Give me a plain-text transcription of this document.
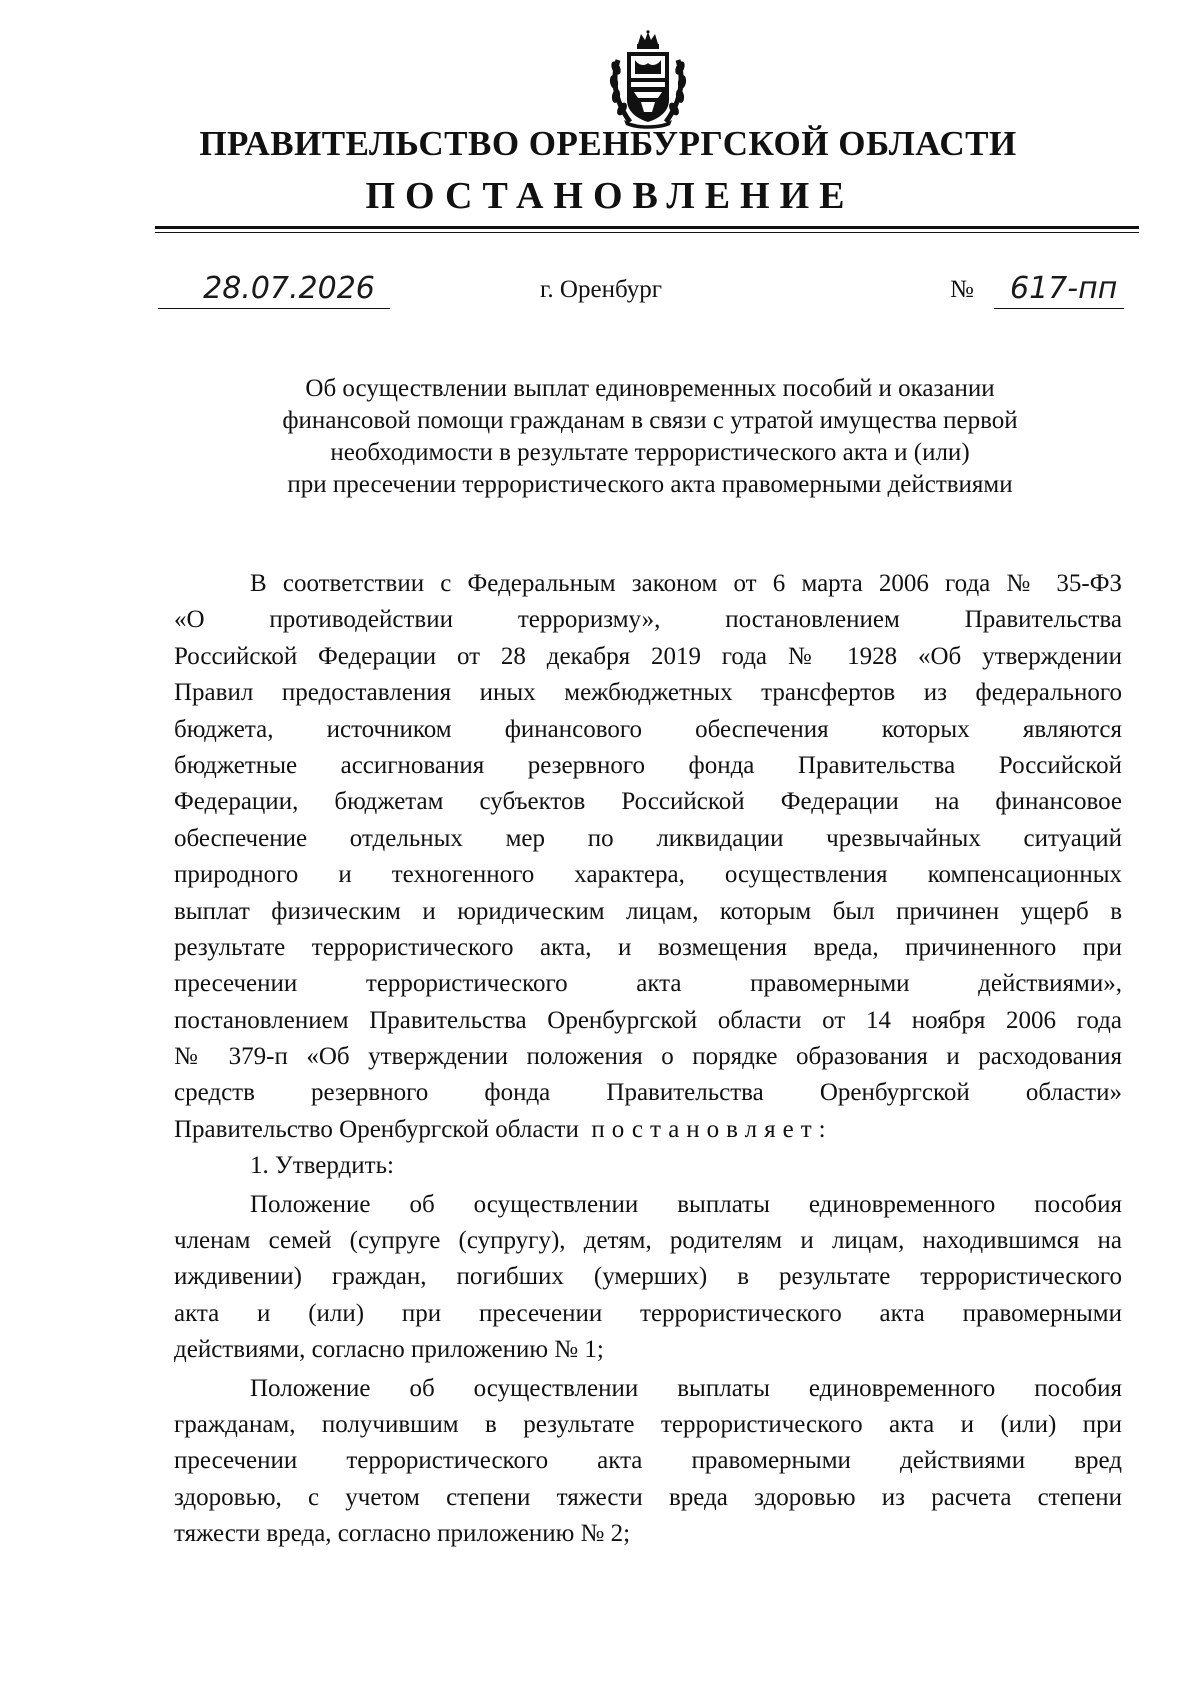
ПРАВИТЕЛЬСТВО ОРЕНБУРГСКОЙ ОБЛАСТИ
ПОСТАНОВЛЕНИЕ
28.07.2026	г. Оренбург	№	617-пп
Об осуществлении выплат единовременных пособий и оказании
финансовой помощи гражданам в связи с утратой имущества первой
необходимости в результате террористического акта и (или)
при пресечении террористического акта правомерными действиями
В соответствии с Федеральным законом от 6 марта 2006 года № 35-ФЗ
«О противодействии терроризму», постановлением Правительства
Российской Федерации от 28 декабря 2019 года № 1928 «Об утверждении
Правил предоставления иных межбюджетных трансфертов из федерального
бюджета, источником финансового обеспечения которых являются
бюджетные ассигнования резервного фонда Правительства Российской
Федерации, бюджетам субъектов Российской Федерации на финансовое
обеспечение отдельных мер по ликвидации чрезвычайных ситуаций
природного и техногенного характера, осуществления компенсационных
выплат физическим и юридическим лицам, которым был причинен ущерб в
результате террористического акта, и возмещения вреда, причиненного при
пресечении террористического акта правомерными действиями»,
постановлением Правительства Оренбургской области от 14 ноября 2006 года
№ 379-п «Об утверждении положения о порядке образования и расходования
средств резервного фонда Правительства Оренбургской области»
Правительство Оренбургской области постановляет:
1. Утвердить:
Положение об осуществлении выплаты единовременного пособия
членам семей (супруге (супругу), детям, родителям и лицам, находившимся на
иждивении) граждан, погибших (умерших) в результате террористического
акта и (или) при пресечении террористического акта правомерными
действиями, согласно приложению № 1;
Положение об осуществлении выплаты единовременного пособия
гражданам, получившим в результате террористического акта и (или) при
пресечении террористического акта правомерными действиями вред
здоровью, с учетом степени тяжести вреда здоровью из расчета степени
тяжести вреда, согласно приложению № 2;
